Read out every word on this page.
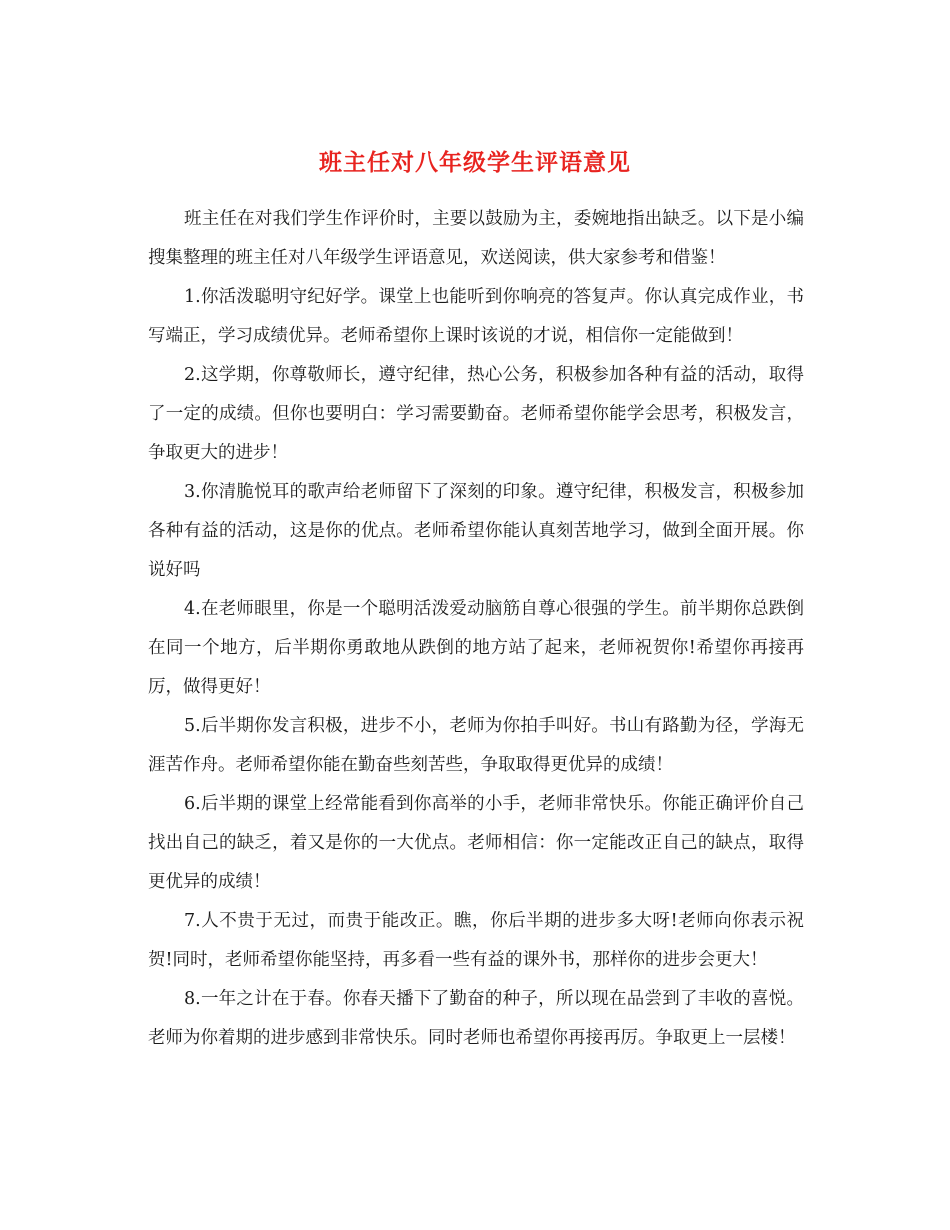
班主任对八年级学生评语意见

班主任在对我们学生作评价时，主要以鼓励为主，委婉地指出缺乏。以下是小编搜集整理的班主任对八年级学生评语意见，欢送阅读，供大家参考和借鉴！

1.你活泼聪明守纪好学。课堂上也能听到你响亮的答复声。你认真完成作业，书写端正，学习成绩优异。老师希望你上课时该说的才说，相信你一定能做到！

2.这学期，你尊敬师长，遵守纪律，热心公务，积极参加各种有益的活动，取得了一定的成绩。但你也要明白：学习需要勤奋。老师希望你能学会思考，积极发言，争取更大的进步！

3.你清脆悦耳的歌声给老师留下了深刻的印象。遵守纪律，积极发言，积极参加各种有益的活动，这是你的优点。老师希望你能认真刻苦地学习，做到全面开展。你说好吗

4.在老师眼里，你是一个聪明活泼爱动脑筋自尊心很强的学生。前半期你总跌倒在同一个地方，后半期你勇敢地从跌倒的地方站了起来，老师祝贺你!希望你再接再厉，做得更好！

5.后半期你发言积极，进步不小，老师为你拍手叫好。书山有路勤为径，学海无涯苦作舟。老师希望你能在勤奋些刻苦些，争取取得更优异的成绩！

6.后半期的课堂上经常能看到你高举的小手，老师非常快乐。你能正确评价自己找出自己的缺乏，着又是你的一大优点。老师相信：你一定能改正自己的缺点，取得更优异的成绩！

7.人不贵于无过，而贵于能改正。瞧，你后半期的进步多大呀!老师向你表示祝贺!同时，老师希望你能坚持，再多看一些有益的课外书，那样你的进步会更大！

8.一年之计在于春。你春天播下了勤奋的种子，所以现在品尝到了丰收的喜悦。老师为你着期的进步感到非常快乐。同时老师也希望你再接再厉。争取更上一层楼！
